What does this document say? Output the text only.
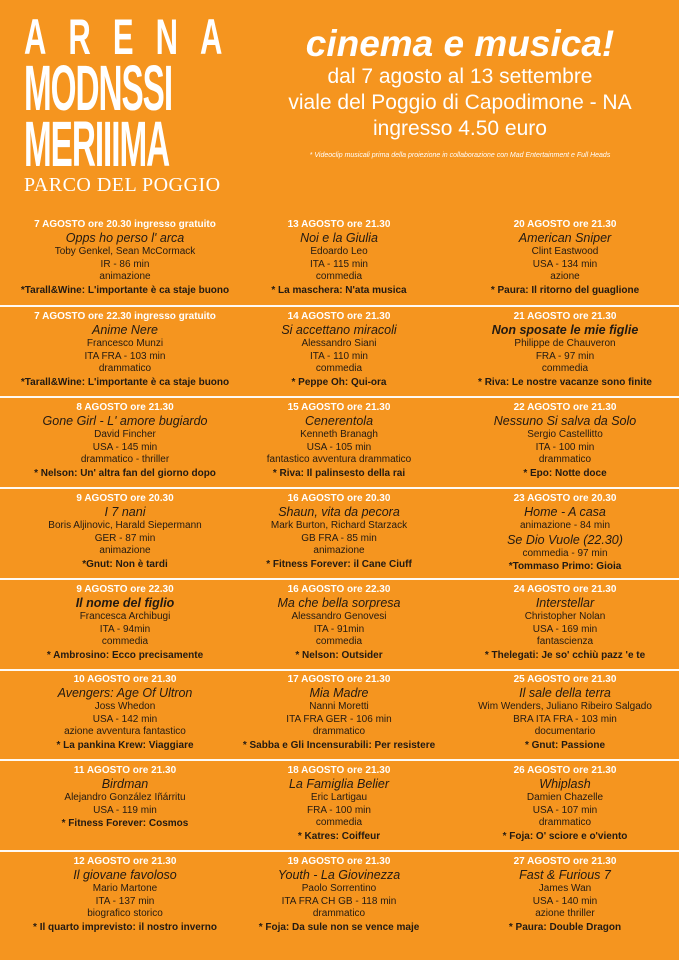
A R E N A
MODNSSI
MERIIIMA
PARCO DEL POGGIO
cinema e musica!
dal 7 agosto al 13 settembre
viale del Poggio di Capodimone - NA
ingresso 4.50 euro
* Videoclip musicali prima della proiezione in collaborazione con Mad Entertainment e Full Heads
7 AGOSTO ore 20.30 ingresso gratuito
Opps ho perso l' arca
Toby Genkel, Sean McCormack
IR - 86 min
animazione
*Tarall&Wine: L'importante è ca staje buono
7 AGOSTO ore 22.30 ingresso gratuito
Anime Nere
Francesco Munzi
ITA FRA - 103 min
drammatico
*Tarall&Wine: L'importante è ca staje buono
8 AGOSTO ore 21.30
Gone Girl - L' amore bugiardo
David Fincher
USA - 145 min
drammatico - thriller
* Nelson: Un' altra fan del giorno dopo
9 AGOSTO ore 20.30
I 7 nani
Boris Aljinovic, Harald Siepermann
GER - 87 min
animazione
*Gnut: Non è tardi
9 AGOSTO ore 22.30
Il nome del figlio
Francesca Archibugi
ITA - 94min
commedia
* Ambrosino: Ecco precisamente
10 AGOSTO ore 21.30
Avengers: Age Of Ultron
Joss Whedon
USA - 142 min
azione avventura fantastico
* La pankina Krew: Viaggiare
11 AGOSTO ore 21.30
Birdman
Alejandro González Iñárritu
USA - 119 min
* Fitness Forever: Cosmos
12 AGOSTO ore 21.30
Il giovane favoloso
Mario Martone
ITA - 137 min
biografico storico
* Il quarto imprevisto: il nostro inverno
13 AGOSTO ore 21.30
Noi e la Giulia
Edoardo Leo
ITA - 115 min
commedia
* La maschera: N'ata musica
14 AGOSTO ore 21.30
Si accettano miracoli
Alessandro Siani
ITA - 110 min
commedia
* Peppe Oh: Qui-ora
15 AGOSTO ore 21.30
Cenerentola
Kenneth Branagh
USA - 105 min
fantastico avventura drammatico
* Riva: Il palinsesto della rai
16 AGOSTO ore 20.30
Shaun, vita da pecora
Mark Burton, Richard Starzack
GB FRA - 85 min
animazione
* Fitness Forever: il Cane Ciuff
16 AGOSTO ore 22.30
Ma che bella sorpresa
Alessandro Genovesi
ITA - 91min
commedia
* Nelson: Outsider
17 AGOSTO ore 21.30
Mia Madre
Nanni Moretti
ITA FRA GER - 106 min
drammatico
* Sabba e Gli Incensurabili: Per resistere
18 AGOSTO ore 21.30
La Famiglia Belier
Eric Lartigau
FRA - 100 min
commedia
* Katres: Coiffeur
19 AGOSTO ore 21.30
Youth - La Giovinezza
Paolo Sorrentino
ITA FRA CH GB - 118 min
drammatico
* Foja: Da sule non se vence maje
20 AGOSTO ore 21.30
American Sniper
Clint Eastwood
USA - 134 min
azione
* Paura: Il ritorno del guaglione
21 AGOSTO ore 21.30
Non sposate le mie figlie
Philippe de Chauveron
FRA - 97 min
commedia
* Riva: Le nostre vacanze sono finite
22 AGOSTO ore 21.30
Nessuno Si salva da Solo
Sergio Castellitto
ITA - 100 min
drammatico
* Epo: Notte doce
23 AGOSTO ore 20.30
Home - A casa
animazione - 84 min
Se Dio Vuole (22.30)
commedia - 97 min
*Tommaso Primo: Gioia
24 AGOSTO ore 21.30
Interstellar
Christopher Nolan
USA - 169 min
fantascienza
* Thelegati: Je so' cchiù pazz 'e te
25 AGOSTO ore 21.30
Il sale della terra
Wim Wenders, Juliano Ribeiro Salgado
BRA ITA FRA - 103 min
documentario
* Gnut: Passione
26 AGOSTO ore 21.30
Whiplash
Damien Chazelle
USA - 107 min
drammatico
* Foja: O' sciore e o'viento
27 AGOSTO ore 21.30
Fast & Furious 7
James Wan
USA - 140 min
azione thriller
* Paura: Double Dragon
